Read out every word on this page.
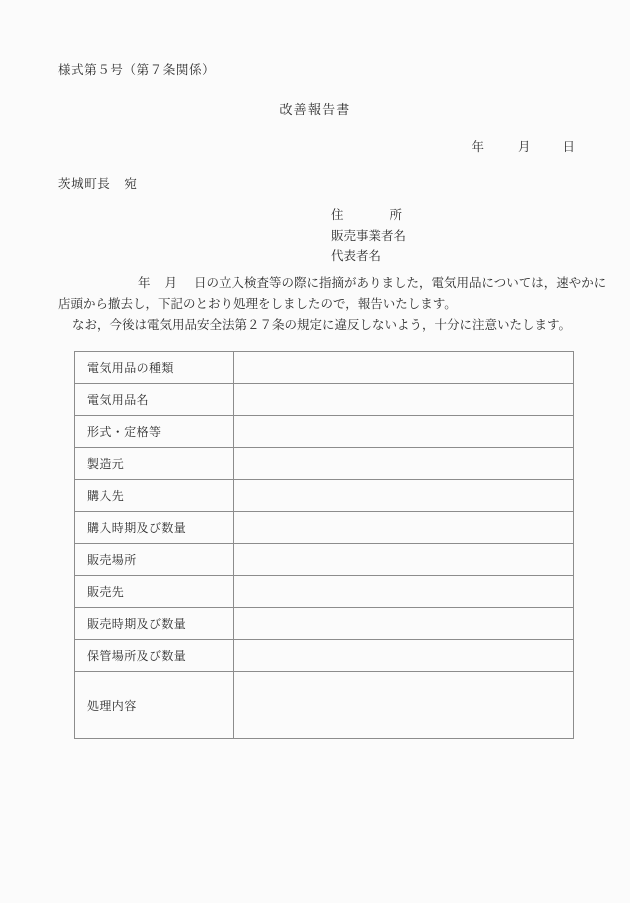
様式第５号（第７条関係）
改善報告書
年	月	日
茨城町長 宛
住	所
販売事業者名
代表者名

年 月 日の立入検査等の際に指摘がありました，電気用品については，速やかに

店頭から撤去し，下記のとおり処理をしましたので，報告いたします。

なお，今後は電気用品安全法第２７条の規定に違反しないよう，十分に注意いたします。

電気用品の種類	
電気用品名	
形式・定格等	
製造元	
購入先	
購入時期及び数量	
販売場所	
販売先	
販売時期及び数量	
保管場所及び数量	
処理内容	
